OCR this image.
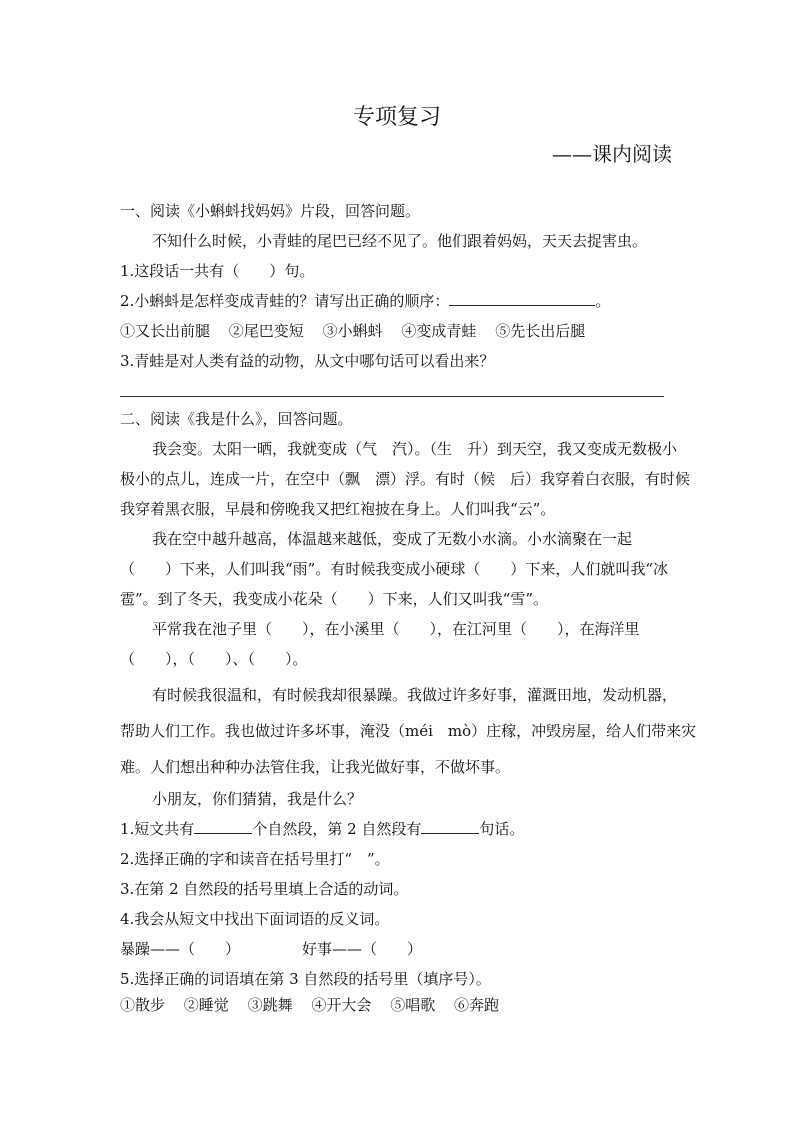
专项复习
——课内阅读
一、阅读《小蝌蚪找妈妈》片段，回答问题。
不知什么时候，小青蛙的尾巴已经不见了。他们跟着妈妈，天天去捉害虫。
1.这段话一共有（　　）句。
2.小蝌蚪是怎样变成青蛙的？请写出正确的顺序：	。
①又长出前腿 ②尾巴变短 ③小蝌蚪 ④变成青蛙 ⑤先长出后腿
3.青蛙是对人类有益的动物，从文中哪句话可以看出来？
二、阅读《我是什么》，回答问题。
我会变。太阳一晒，我就变成（气　汽）。（生　升）到天空，我又变成无数极小
极小的点儿，连成一片，在空中（飘　漂）浮。有时（候　后）我穿着白衣服，有时候
我穿着黑衣服，早晨和傍晚我又把红袍披在身上。人们叫我“云”。
我在空中越升越高，体温越来越低，变成了无数小水滴。小水滴聚在一起
（　　）下来，人们叫我“雨”。有时候我变成小硬球（　　）下来，人们就叫我“冰
雹”。到了冬天，我变成小花朵（　　）下来，人们又叫我“雪”。
平常我在池子里（　　），在小溪里（　　），在江河里（　　），在海洋里
（　　），（　　）、（　　）。
有时候我很温和，有时候我却很暴躁。我做过许多好事，灌溉田地，发动机器，
帮助人们工作。我也做过许多坏事，淹没（méi　mò）庄稼，冲毁房屋，给人们带来灾
难。人们想出种种办法管住我，让我光做好事，不做坏事。
小朋友，你们猜猜，我是什么？
1.短文共有	个自然段，第 2 自然段有	句话。
2.选择正确的字和读音在括号里打“　”。
3.在第 2 自然段的括号里填上合适的动词。
4.我会从短文中找出下面词语的反义词。
暴躁——（　　）	好事——（　　）
5.选择正确的词语填在第 3 自然段的括号里（填序号）。
①散步 ②睡觉 ③跳舞 ④开大会 ⑤唱歌 ⑥奔跑
